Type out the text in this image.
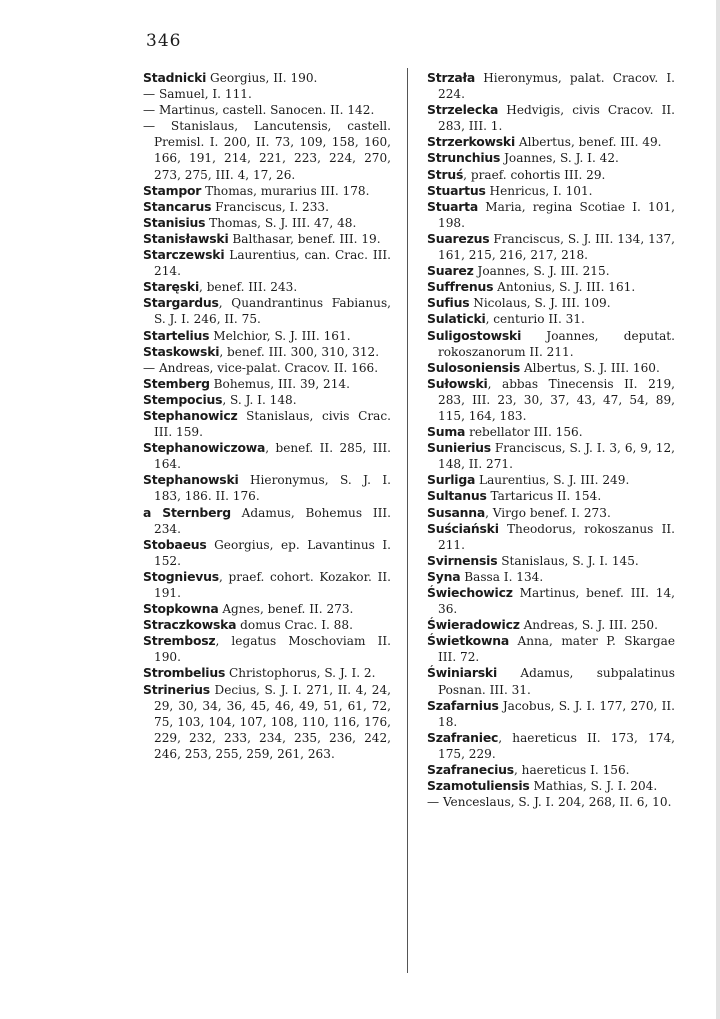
346
Stadnicki Georgius, II. 190.
— Samuel, I. 111.
— Martinus, castell. Sanocen. II. 142.
— Stanislaus, Lancutensis, castell. Premisl. I. 200, II. 73, 109, 158, 160, 166, 191, 214, 221, 223, 224, 270, 273, 275, III. 4, 17, 26.
Stampor Thomas, murarius III. 178.
Stancarus Franciscus, I. 233.
Stanisius Thomas, S. J. III. 47, 48.
Stanisławski Balthasar, benef. III. 19.
Starczewski Laurentius, can. Crac. III. 214.
Staręski, benef. III. 243.
Stargardus, Quandrantinus Fabianus, S. J. I. 246, II. 75.
Startelius Melchior, S. J. III. 161.
Staskowski, benef. III. 300, 310, 312.
— Andreas, vice-palat. Cracov. II. 166.
Stemberg Bohemus, III. 39, 214.
Stempocius, S. J. I. 148.
Stephanowicz Stanislaus, civis Crac. III. 159.
Stephanowiczowa, benef. II. 285, III. 164.
Stephanowski Hieronymus, S. J. I. 183, 186. II. 176.
a Sternberg Adamus, Bohemus III. 234.
Stobaeus Georgius, ep. Lavantinus I. 152.
Stognievus, praef. cohort. Kozakor. II. 191.
Stopkowna Agnes, benef. II. 273.
Straczkowska domus Crac. I. 88.
Strembosz, legatus Moschoviam II. 190.
Strombelius Christophorus, S. J. I. 2.
Strinerius Decius, S. J. I. 271, II. 4, 24, 29, 30, 34, 36, 45, 46, 49, 51, 61, 72, 75, 103, 104, 107, 108, 110, 116, 176, 229, 232, 233, 234, 235, 236, 242, 246, 253, 255, 259, 261, 263.
Strzała Hieronymus, palat. Cracov. I. 224.
Strzelecka Hedvigis, civis Cracov. II. 283, III. 1.
Strzerkowski Albertus, benef. III. 49.
Strunchius Joannes, S. J. I. 42.
Struś, praef. cohortis III. 29.
Stuartus Henricus, I. 101.
Stuarta Maria, regina Scotiae I. 101, 198.
Suarezus Franciscus, S. J. III. 134, 137, 161, 215, 216, 217, 218.
Suarez Joannes, S. J. III. 215.
Suffrenus Antonius, S. J. III. 161.
Sufius Nicolaus, S. J. III. 109.
Sulaticki, centurio II. 31.
Suligostowski Joannes, deputat. rokoszanorum II. 211.
Sulosoniensis Albertus, S. J. III. 160.
Sułowski, abbas Tinecensis II. 219, 283, III. 23, 30, 37, 43, 47, 54, 89, 115, 164, 183.
Suma rebellator III. 156.
Sunierius Franciscus, S. J. I. 3, 6, 9, 12, 148, II. 271.
Surliga Laurentius, S. J. III. 249.
Sultanus Tartaricus II. 154.
Susanna, Virgo benef. I. 273.
Suściański Theodorus, rokoszanus II. 211.
Svirnensis Stanislaus, S. J. I. 145.
Syna Bassa I. 134.
Świechowicz Martinus, benef. III. 14, 36.
Świeradowicz Andreas, S. J. III. 250.
Świetkowna Anna, mater P. Skargae III. 72.
Świniarski Adamus, subpalatinus Posnan. III. 31.
Szafarnius Jacobus, S. J. I. 177, 270, II. 18.
Szafraniec, haereticus II. 173, 174, 175, 229.
Szafranecius, haereticus I. 156.
Szamotuliensis Mathias, S. J. I. 204.
— Venceslaus, S. J. I. 204, 268, II. 6, 10.
